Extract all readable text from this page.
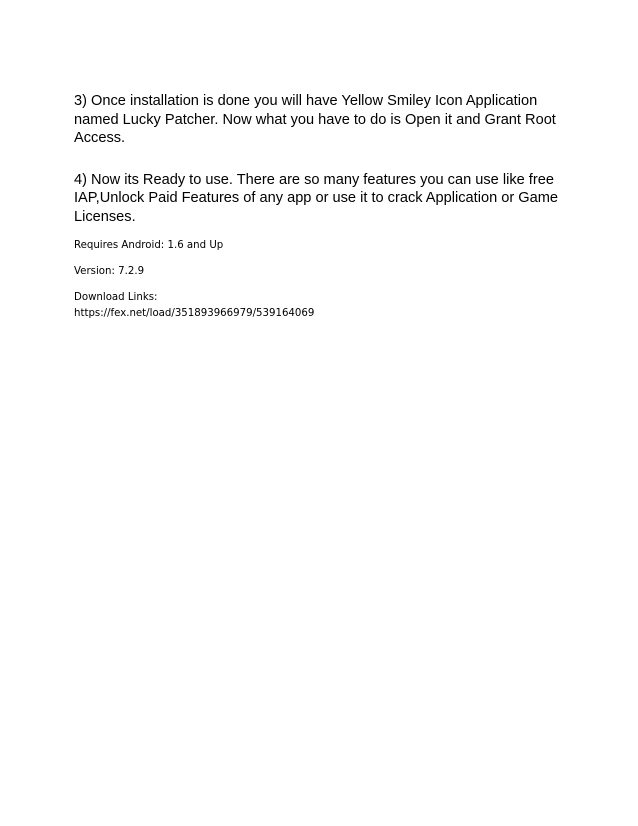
3) Once installation is done you will have Yellow Smiley Icon Application named Lucky Patcher. Now what you have to do is Open it and Grant Root Access.

4) Now its Ready to use. There are so many features you can use like free IAP,Unlock Paid Features of any app or use it to crack Application or Game Licenses.

Requires Android: 1.6 and Up

Version: 7.2.9

Download Links:

https://fex.net/load/351893966979/539164069
